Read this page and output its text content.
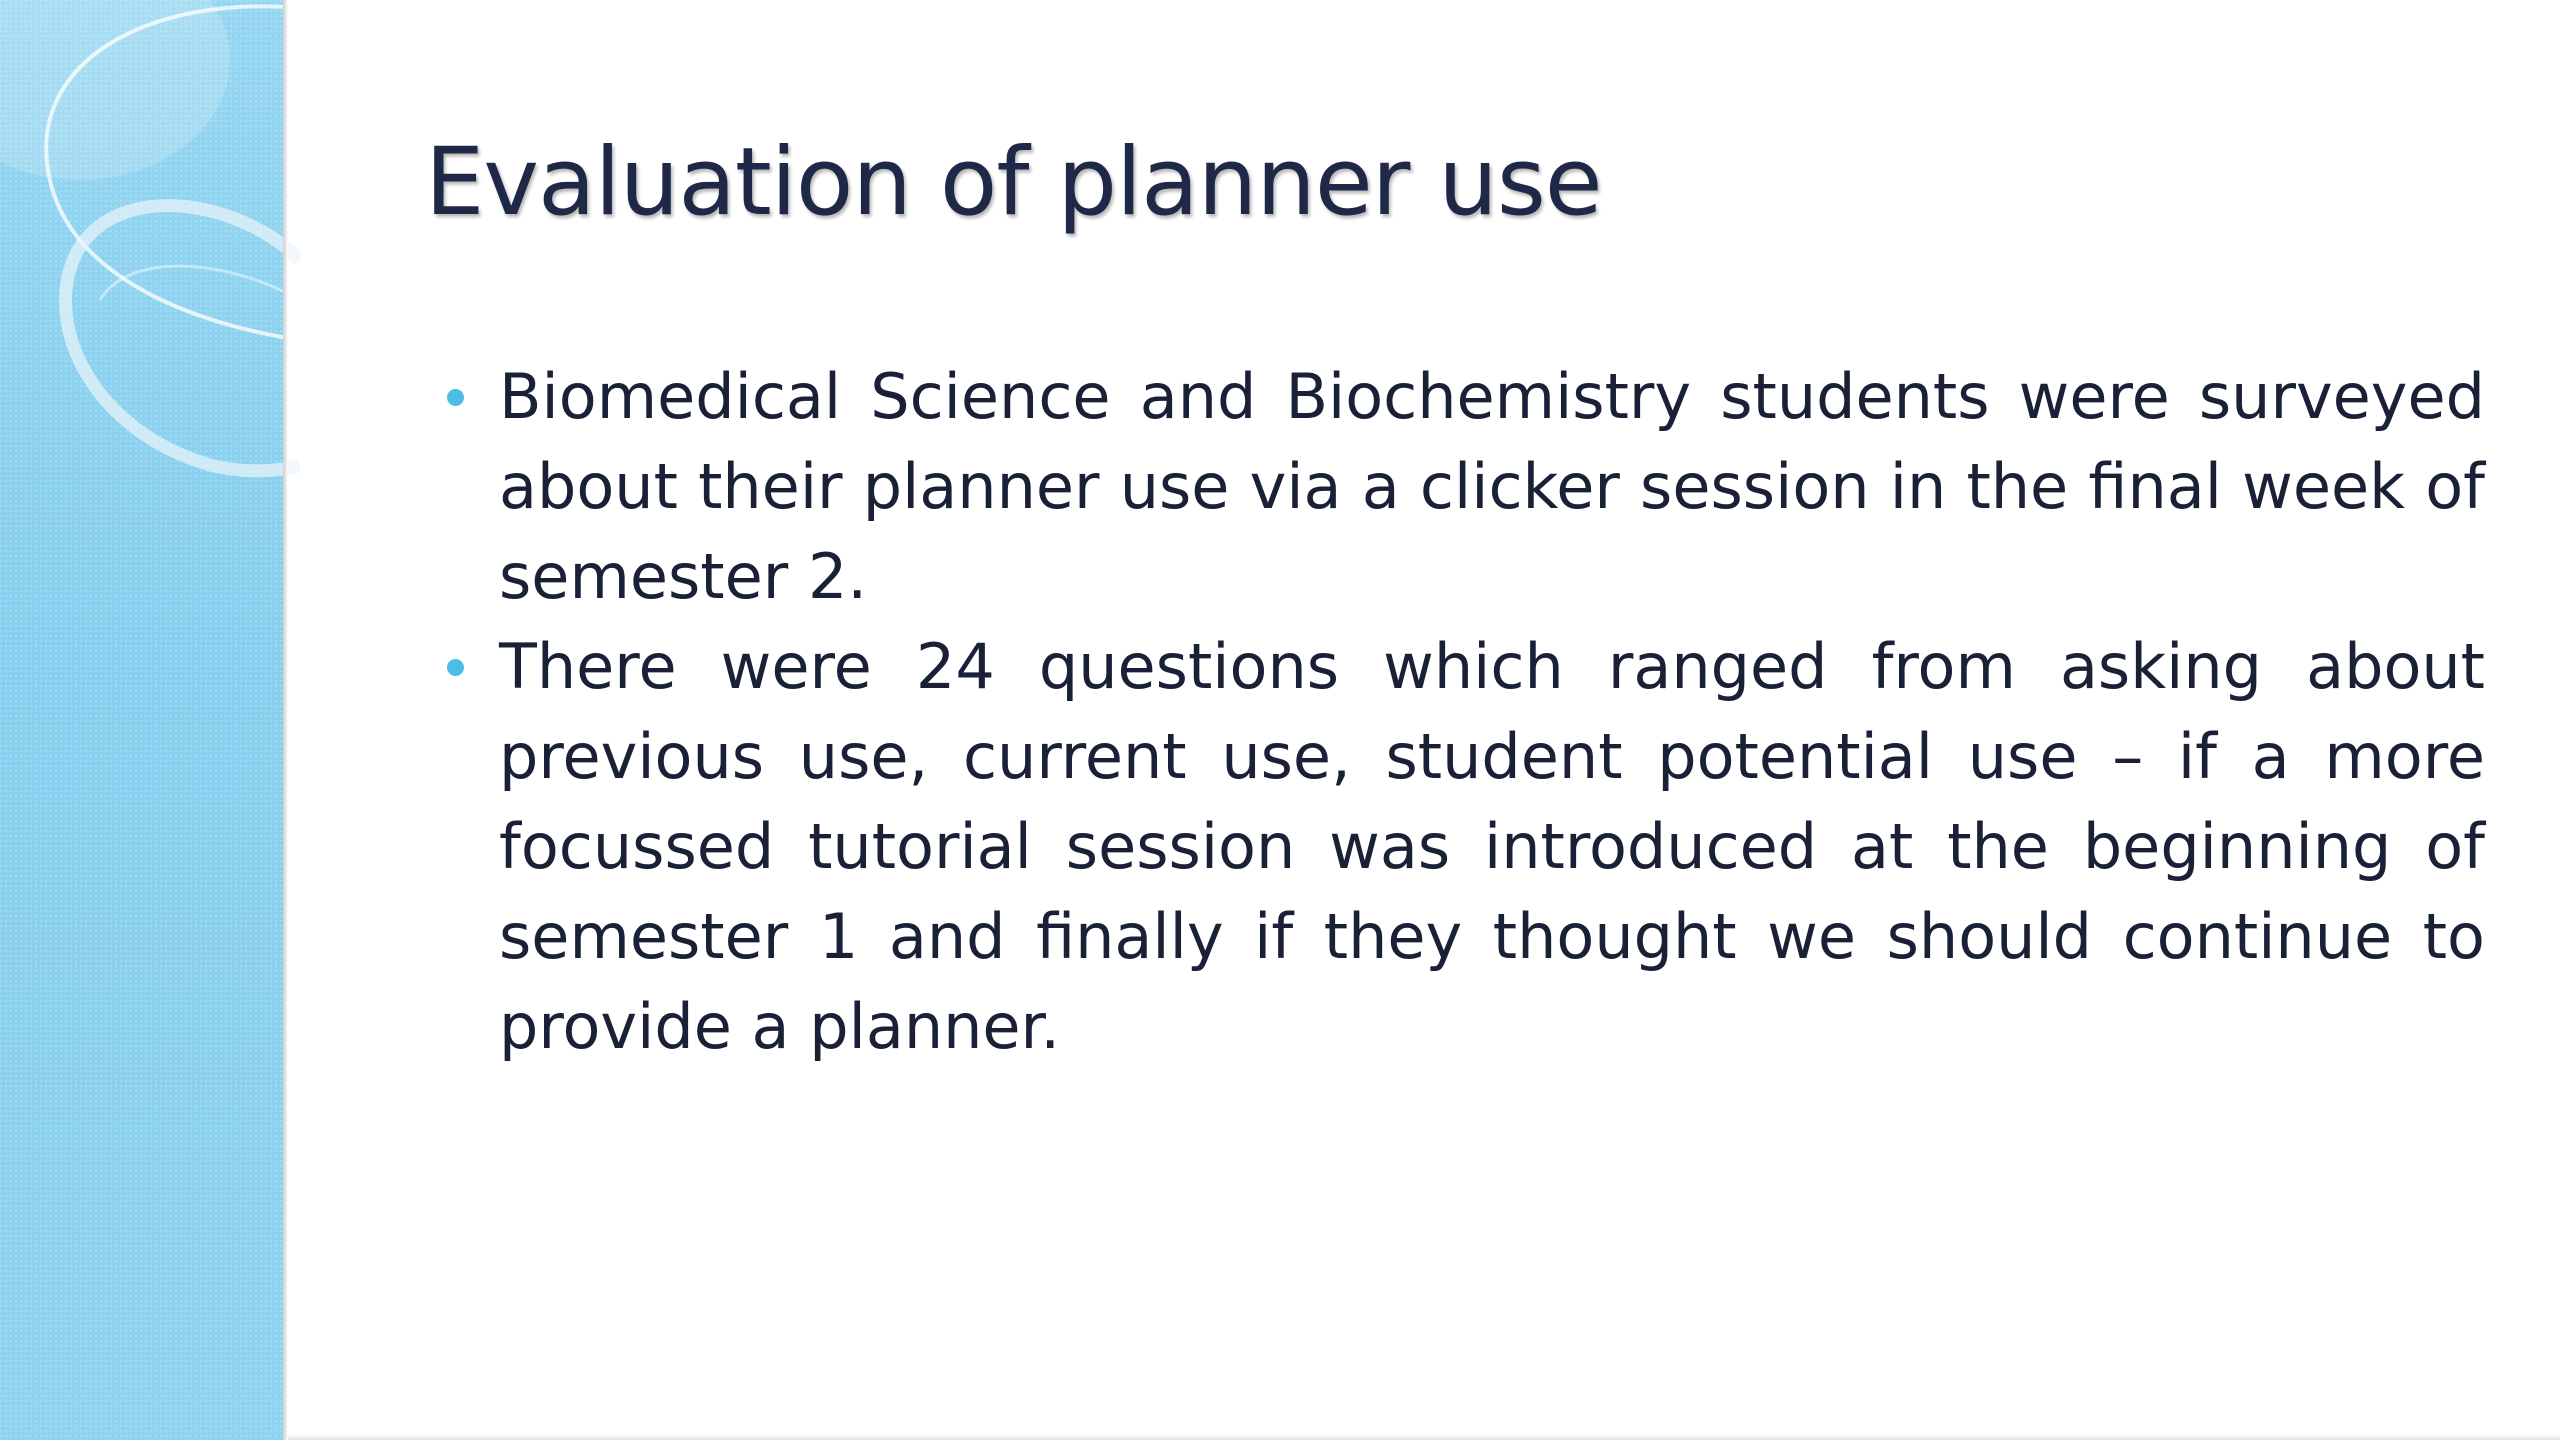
Evaluation of planner use
Biomedical Science and Biochemistry students were surveyed about their planner use via a clicker session in the final week of semester 2.
There were 24 questions which ranged from asking about previous use, current use, student potential use – if a more focussed tutorial session was introduced at the beginning of semester 1 and finally if they thought we should continue to provide a planner.
